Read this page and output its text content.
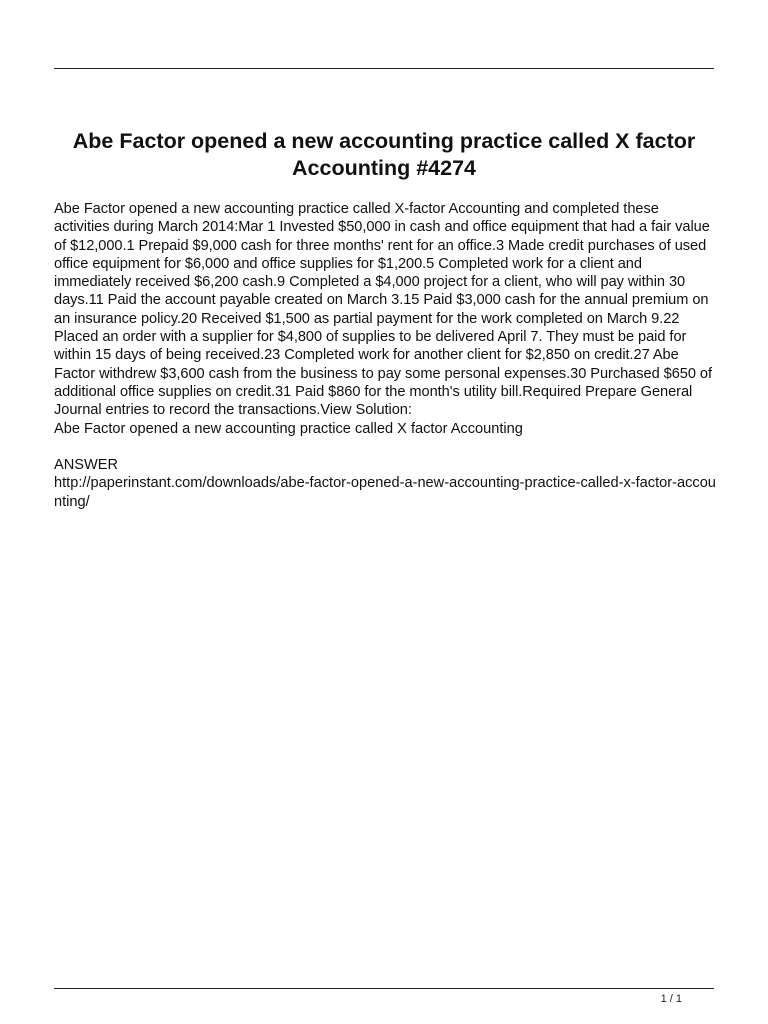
Abe Factor opened a new accounting practice called X factor Accounting #4274

Abe Factor opened a new accounting practice called X-factor Accounting and completed these activities during March 2014:Mar 1 Invested $50,000 in cash and office equipment that had a fair value of $12,000.1 Prepaid $9,000 cash for three months' rent for an office.3 Made credit purchases of used office equipment for $6,000 and office supplies for $1,200.5 Completed work for a client and immediately received $6,200 cash.9 Completed a $4,000 project for a client, who will pay within 30 days.11 Paid the account payable created on March 3.15 Paid $3,000 cash for the annual premium on an insurance policy.20 Received $1,500 as partial payment for the work completed on March 9.22 Placed an order with a supplier for $4,800 of supplies to be delivered April 7. They must be paid for within 15 days of being received.23 Completed work for another client for $2,850 on credit.27 Abe Factor withdrew $3,600 cash from the business to pay some personal expenses.30 Purchased $650 of additional office supplies on credit.31 Paid $860 for the month's utility bill.Required Prepare General Journal entries to record the transactions.View Solution:

Abe Factor opened a new accounting practice called X factor Accounting

ANSWER

http://paperinstant.com/downloads/abe-factor-opened-a-new-accounting-practice-called-x-factor-accounting/

1 / 1
